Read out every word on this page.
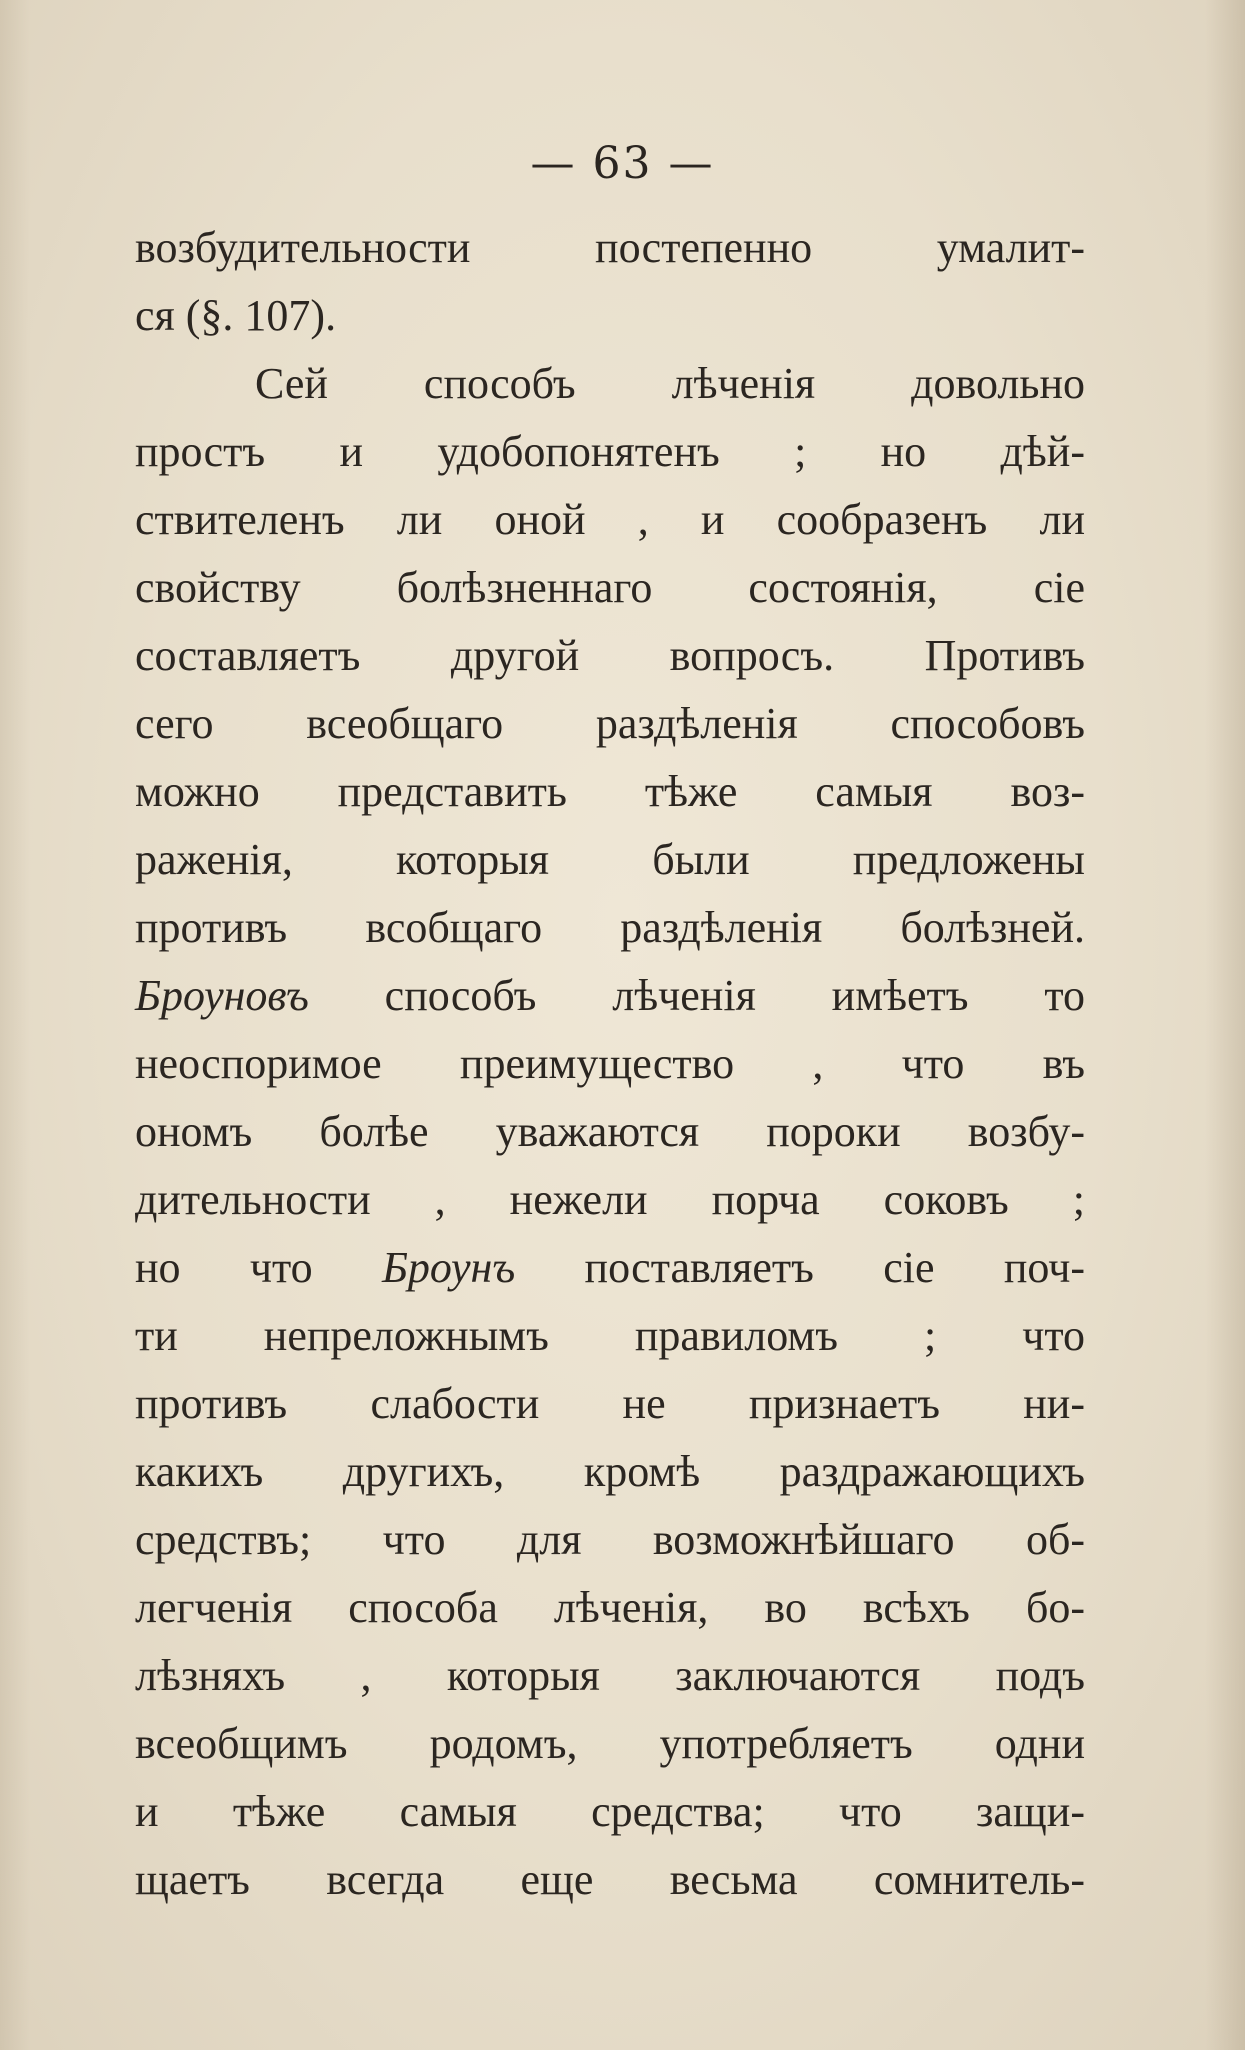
— 63 —
возбудительности постепенно умалит-
ся (§. 107).
Сей способъ лѣченія довольно
простъ и удобопонятенъ ; но дѣй-
ствителенъ ли оной , и сообразенъ ли
свойству болѣзненнаго состоянія, сіе
составляетъ другой вопросъ. Противъ
сего всеобщаго раздѣленія способовъ
можно представить тѣже самыя воз-
раженія, которыя были предложены
противъ всобщаго раздѣленія болѣзней.
Броуновъ способъ лѣченія имѣетъ то
неоспоримое преимущество , что въ
ономъ болѣе уважаются пороки возбу-
дительности , нежели порча соковъ ;
но что Броунъ поставляетъ сіе поч-
ти непреложнымъ правиломъ ; что
противъ слабости не признаетъ ни-
какихъ другихъ, кромѣ раздражающихъ
средствъ; что для возможнѣйшаго об-
легченія способа лѣченія, во всѣхъ бо-
лѣзняхъ , которыя заключаются подъ
всеобщимъ родомъ, употребляетъ одни
и тѣже самыя средства; что защи-
щаетъ всегда еще весьма сомнитель-
